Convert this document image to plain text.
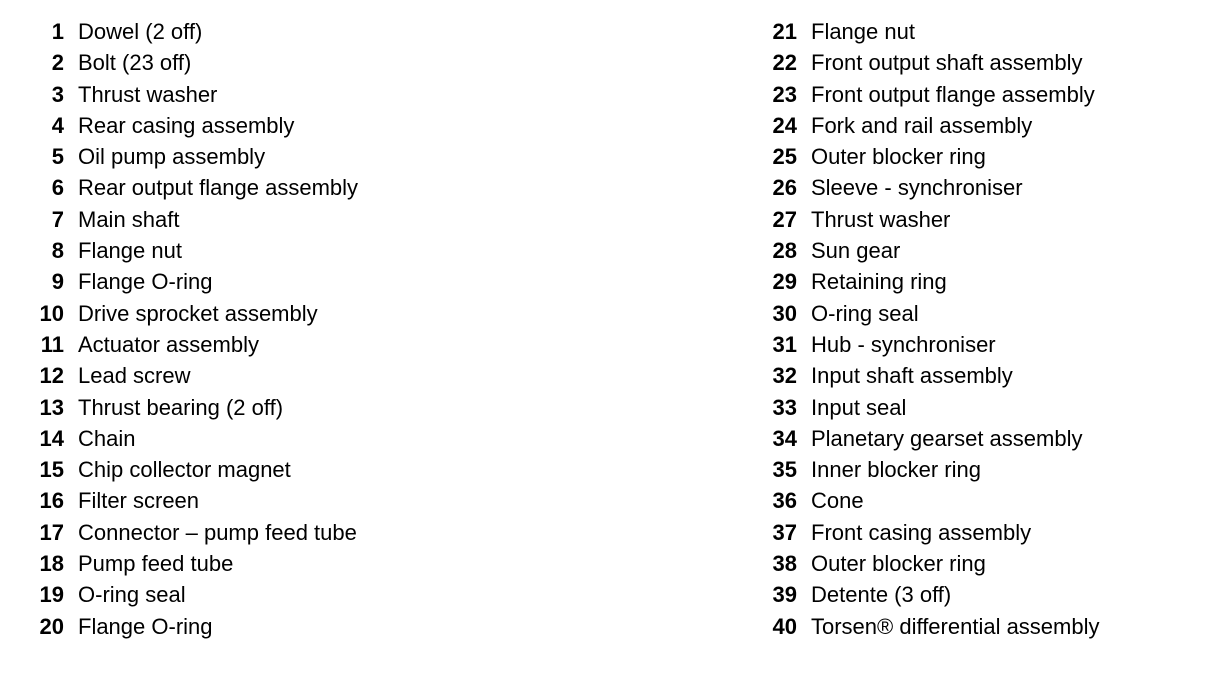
1 Dowel (2 off)
2 Bolt (23 off)
3 Thrust washer
4 Rear casing assembly
5 Oil pump assembly
6 Rear output flange assembly
7 Main shaft
8 Flange nut
9 Flange O-ring
10 Drive sprocket assembly
11 Actuator assembly
12 Lead screw
13 Thrust bearing (2 off)
14 Chain
15 Chip collector magnet
16 Filter screen
17 Connector – pump feed tube
18 Pump feed tube
19 O-ring seal
20 Flange O-ring
21 Flange nut
22 Front output shaft assembly
23 Front output flange assembly
24 Fork and rail assembly
25 Outer blocker ring
26 Sleeve - synchroniser
27 Thrust washer
28 Sun gear
29 Retaining ring
30 O-ring seal
31 Hub - synchroniser
32 Input shaft assembly
33 Input seal
34 Planetary gearset assembly
35 Inner blocker ring
36 Cone
37 Front casing assembly
38 Outer blocker ring
39 Detente (3 off)
40 Torsen® differential assembly
